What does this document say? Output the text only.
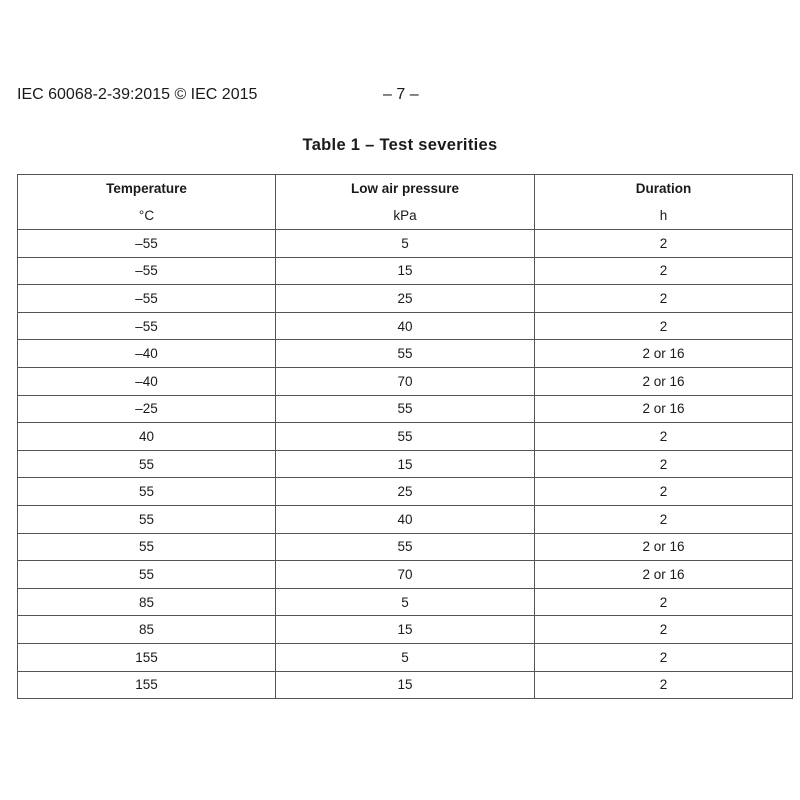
IEC 60068-2-39:2015 © IEC 2015	– 7 –
Table 1 – Test severities
Temperature	Low air pressure	Duration
°C	kPa	h
–55	5	2
–55	15	2
–55	25	2
–55	40	2
–40	55	2 or 16
–40	70	2 or 16
–25	55	2 or 16
40	55	2
55	15	2
55	25	2
55	40	2
55	55	2 or 16
55	70	2 or 16
85	5	2
85	15	2
155	5	2
155	15	2
